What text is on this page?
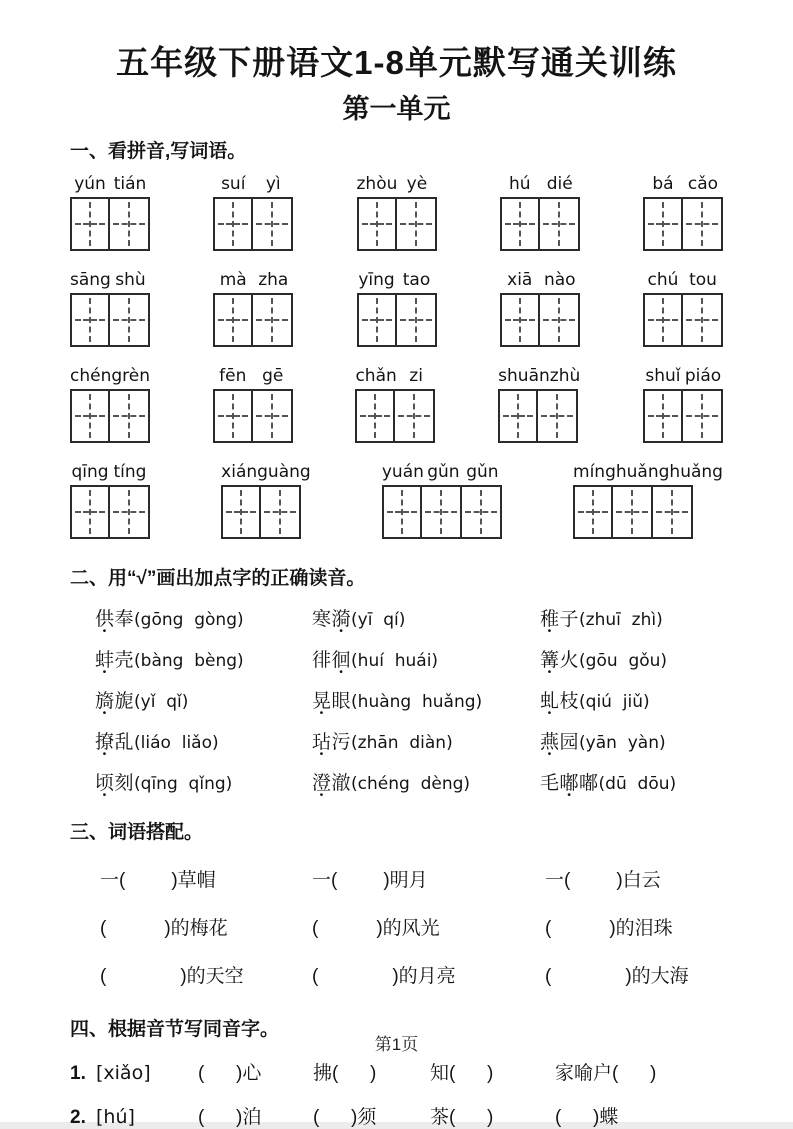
五年级下册语文1-8单元默写通关训练
第一单元
一、看拼音,写词语。
yún tián	suí	yì	zhòu yè	hú dié	bá cǎo
sāng shù	mà zha	yīng tao	xiā nào	chú tou
chéng rèn	fēn gē	chǎn zi	shuān zhù	shuǐ piáo
qīng tíng	xián guàng	yuán gǔn gǔn	míng huǎng huǎng
二、用“√”画出加点字的正确读音。
供奉(gōng  gòng)	寒漪(yī  qí)	稚子(zhuī  zhì)
蚌壳(bàng  bèng)	徘徊(huí  huái)	篝火(gōu  gǒu)
旖旎(yǐ  qǐ)	晃眼(huàng  huǎng)	虬枝(qiú  jiǔ)
撩乱(liáo  liǎo)	玷污(zhān  diàn)	燕园(yān  yàn)
顷刻(qīng  qǐng)	澄澈(chéng  dèng)	毛嘟嘟(dū  dōu)
三、词语搭配。
一( )草帽	一( )明月	一( )白云
(	)的梅花	(	)的风光	(	)的泪珠
(	)的天空	(	)的月亮	(	)的大海
四、根据音节写同音字。
1. [xiǎo]	(      )心	拂(      )	知(      )	家喻户(      )
2. [hú]	(      )泊	(      )须	茶(      )	(      )蝶
第1页
